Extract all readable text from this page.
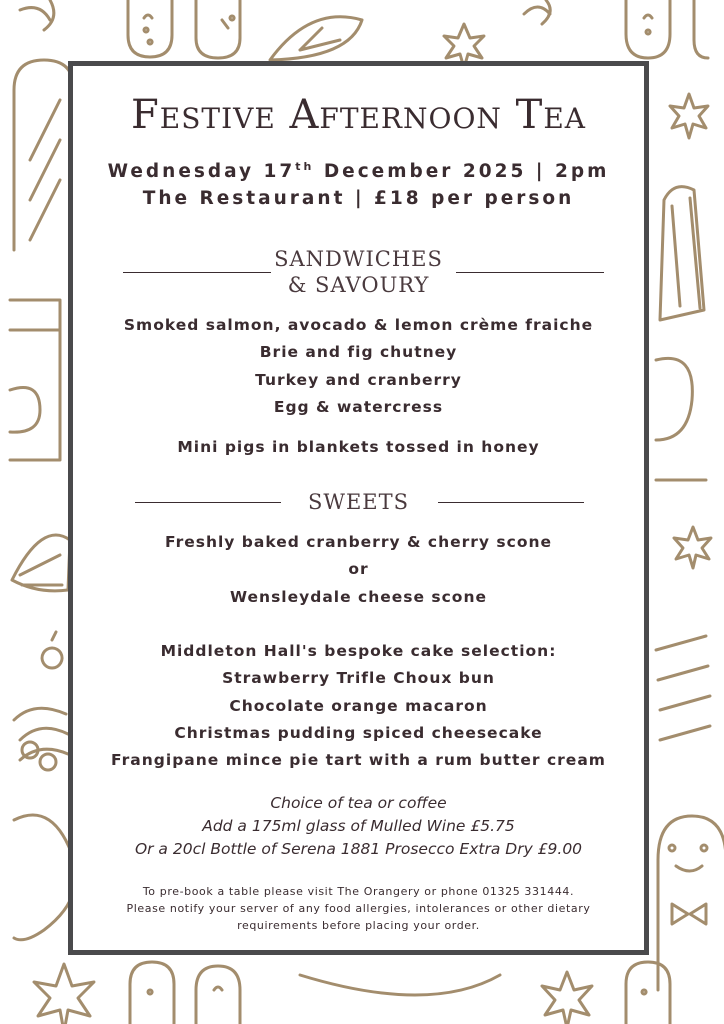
Festive Afternoon Tea
Wednesday 17th December 2025 | 2pm
The Restaurant | £18 per person
SANDWICHES
& SAVOURY
Smoked salmon, avocado & lemon crème fraiche
Brie and fig chutney
Turkey and cranberry
Egg & watercress
Mini pigs in blankets tossed in honey
SWEETS
Freshly baked cranberry & cherry scone
or
Wensleydale cheese scone
Middleton Hall's bespoke cake selection:
Strawberry Trifle Choux bun
Chocolate orange macaron
Christmas pudding spiced cheesecake
Frangipane mince pie tart with a rum butter cream
Choice of tea or coffee
Add a 175ml glass of Mulled Wine £5.75
Or a 20cl Bottle of Serena 1881 Prosecco Extra Dry £9.00
To pre-book a table please visit The Orangery or phone 01325 331444.
Please notify your server of any food allergies, intolerances or other dietary
requirements before placing your order.
